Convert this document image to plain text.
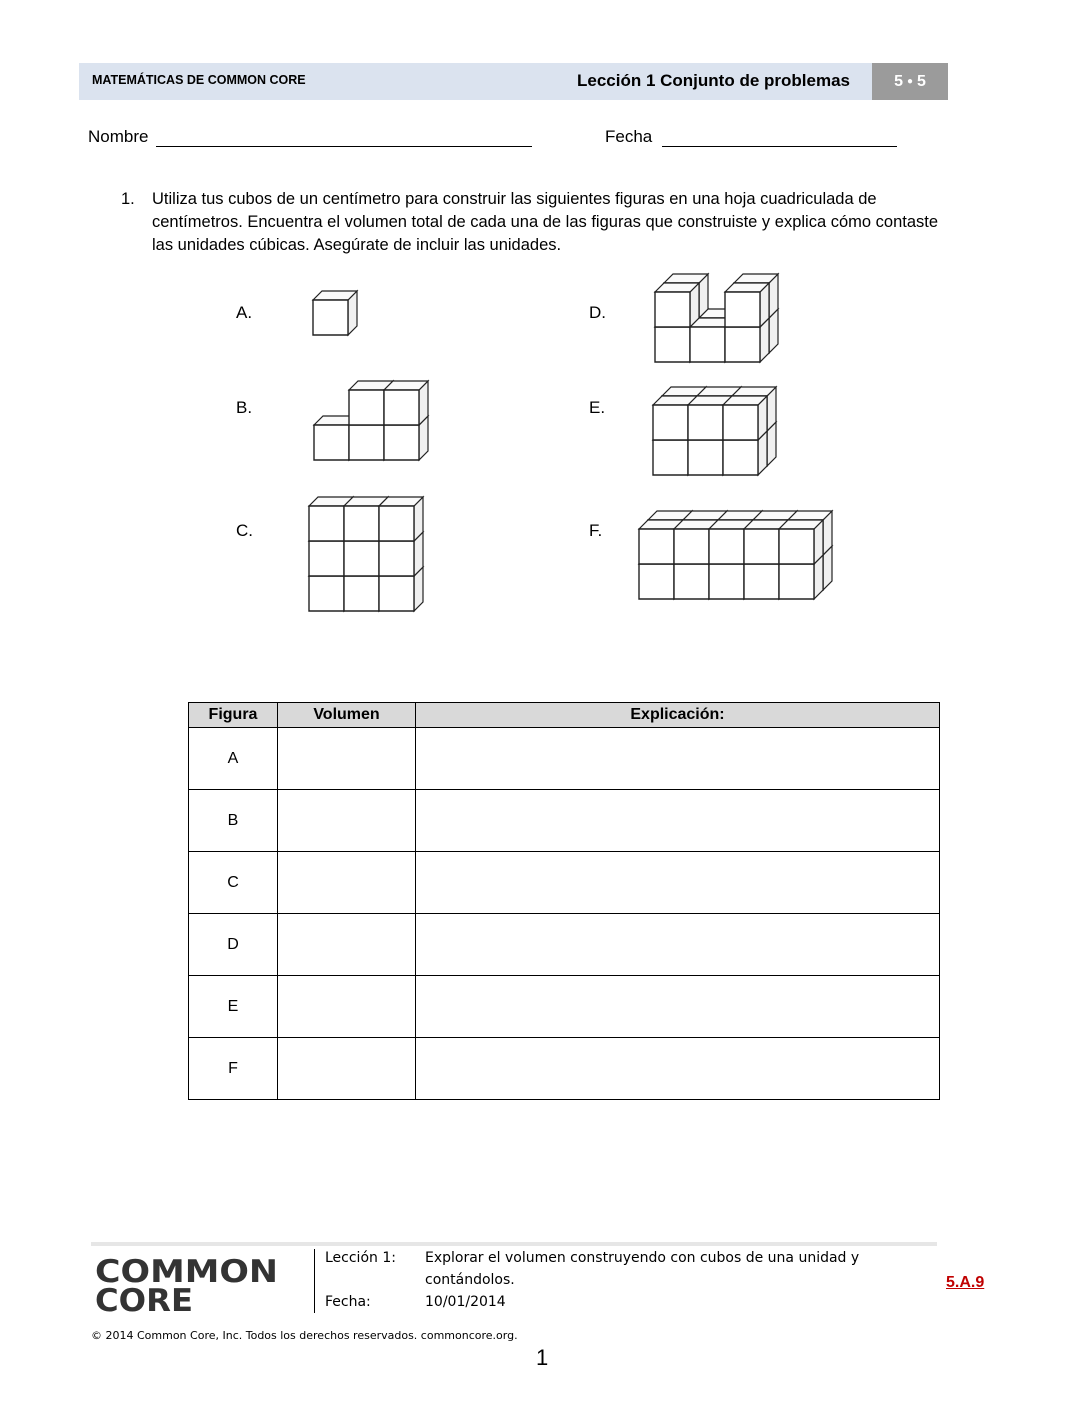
MATEMÁTICAS DE COMMON CORE	Lección 1 Conjunto de problemas	5 ● 5
Nombre	Fecha
1. Utiliza tus cubos de un centímetro para construir las siguientes figuras en una hoja cuadriculada de centímetros. Encuentra el volumen total de cada una de las figuras que construiste y explica cómo contaste las unidades cúbicas. Asegúrate de incluir las unidades.
A.
B.
C.
D.
E.
F.
Figura	Volumen	Explicación:
A		
B		
C		
D		
E		
F		
COMMON
CORE
Lección 1: Explorar el volumen construyendo con cubos de una unidad y
contándolos.
Fecha:	10/01/2014
5.A.9
© 2014 Common Core, Inc. Todos los derechos reservados. commoncore.org.
1
